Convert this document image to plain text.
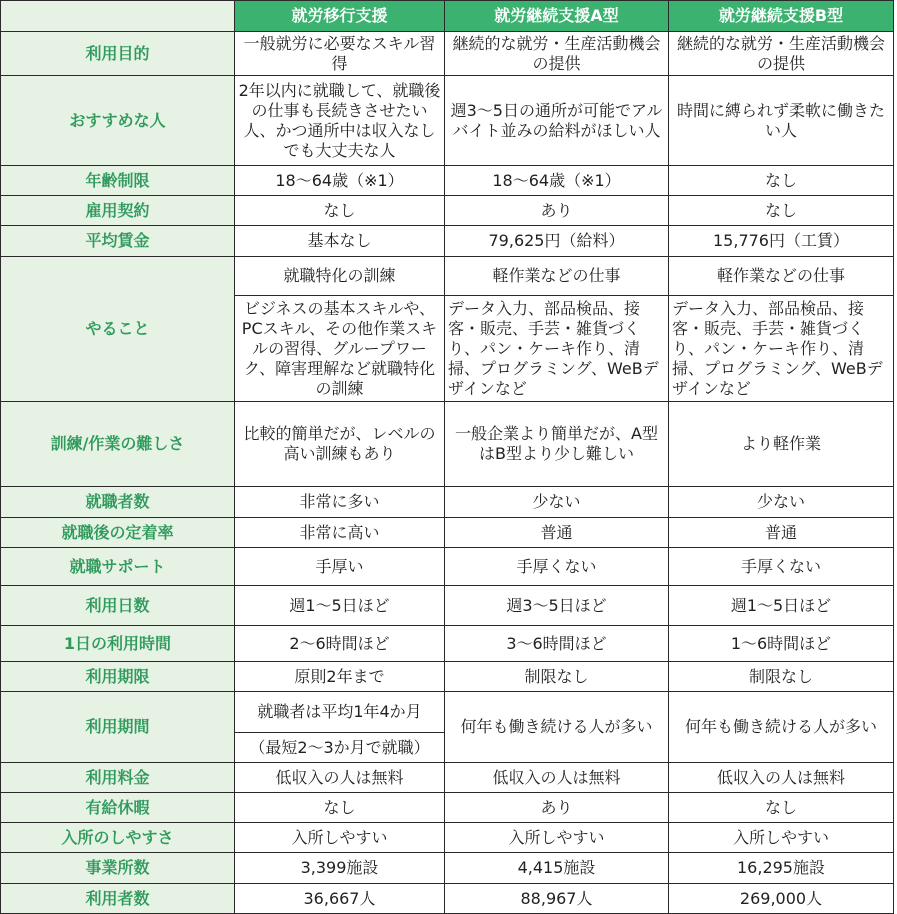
	就労移行支援	就労継続支援A型	就労継続支援B型
利用目的	一般就労に必要なスキル習得	継続的な就労・生産活動機会の提供	継続的な就労・生産活動機会の提供
おすすめな人	2年以内に就職して、就職後の仕事も長続きさせたい人、かつ通所中は収入なしでも大丈夫な人	週3～5日の通所が可能でアルバイト並みの給料がほしい人	時間に縛られず柔軟に働きたい人
年齢制限	18～64歳（※1）	18～64歳（※1）	なし
雇用契約	なし	あり	なし
平均賃金	基本なし	79,625円（給料）	15,776円（工賃）
やること	就職特化の訓練	軽作業などの仕事	軽作業などの仕事
	ビジネスの基本スキルや、PCスキル、その他作業スキルの習得、グループワーク、障害理解など就職特化の訓練	データ入力、部品検品、接客・販売、手芸・雑貨づくり、パン・ケーキ作り、清掃、プログラミング、WeBデザインなど	データ入力、部品検品、接客・販売、手芸・雑貨づくり、パン・ケーキ作り、清掃、プログラミング、WeBデザインなど
訓練/作業の難しさ	比較的簡単だが、レベルの高い訓練もあり	一般企業より簡単だが、A型はB型より少し難しい	より軽作業
就職者数	非常に多い	少ない	少ない
就職後の定着率	非常に高い	普通	普通
就職サポート	手厚い	手厚くない	手厚くない
利用日数	週1～5日ほど	週3～5日ほど	週1～5日ほど
1日の利用時間	2～6時間ほど	3～6時間ほど	1～6時間ほど
利用期限	原則2年まで	制限なし	制限なし
利用期間	就職者は平均1年4か月	何年も働き続ける人が多い	何年も働き続ける人が多い
	（最短2～3か月で就職）		
利用料金	低収入の人は無料	低収入の人は無料	低収入の人は無料
有給休暇	なし	あり	なし
入所のしやすさ	入所しやすい	入所しやすい	入所しやすい
事業所数	3,399施設	4,415施設	16,295施設
利用者数	36,667人	88,967人	269,000人
